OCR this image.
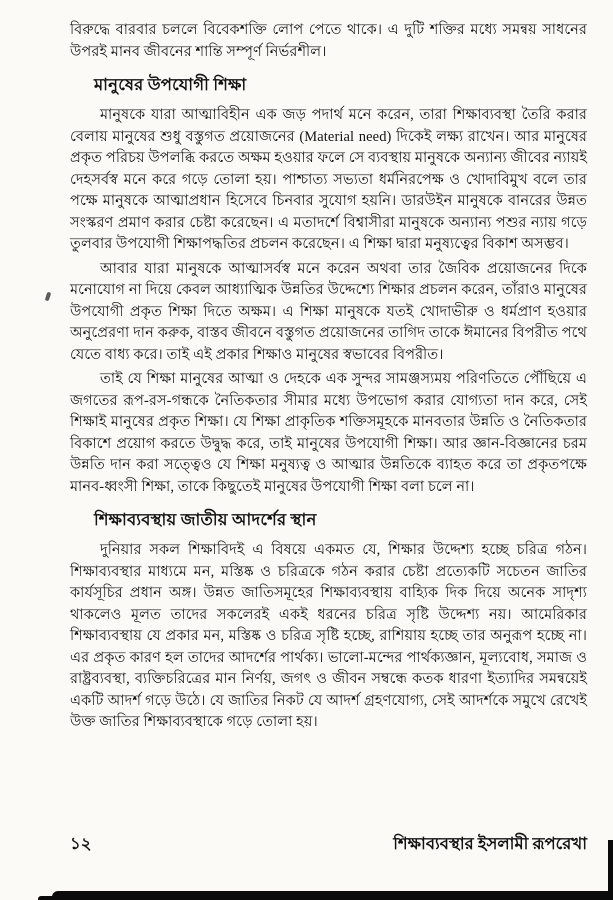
বিরুদ্ধে বারবার চললে বিবেকশক্তি লোপ পেতে থাকে। এ দুটি শক্তির মধ্যে সমন্বয় সাধনের উপরই মানব জীবনের শান্তি সম্পূর্ণ নির্ভরশীল।

মানুষের উপযোগী শিক্ষা

মানুষকে যারা আত্মাবিহীন এক জড় পদার্থ মনে করেন, তারা শিক্ষাব্যবস্থা তৈরি করার বেলায় মানুষের শুধু বস্তুগত প্রয়োজনের (Material need) দিকেই লক্ষ্য রাখেন। আর মানুষের প্রকৃত পরিচয় উপলব্ধি করতে অক্ষম হওয়ার ফলে সে ব্যবস্থায় মানুষকে অন্যান্য জীবের ন্যায়ই দেহসর্বস্ব মনে করে গড়ে তোলা হয়। পাশ্চাত্য সভ্যতা ধর্মনিরপেক্ষ ও খোদাবিমুখ বলে তার পক্ষে মানুষকে আত্মাপ্রধান হিসেবে চিনবার সুযোগ হয়নি। ডারউইন মানুষকে বানরের উন্নত সংস্করণ প্রমাণ করার চেষ্টা করেছেন। এ মতাদর্শে বিশ্বাসীরা মানুষকে অন্যান্য পশুর ন্যায় গড়ে তুলবার উপযোগী শিক্ষাপদ্ধতির প্রচলন করেছেন। এ শিক্ষা দ্বারা মনুষ্যত্বের বিকাশ অসম্ভব।

আবার যারা মানুষকে আত্মাসর্বস্ব মনে করেন অথবা তার জৈবিক প্রয়োজনের দিকে মনোযোগ না দিয়ে কেবল আধ্যাত্মিক উন্নতির উদ্দেশ্যে শিক্ষার প্রচলন করেন, তাঁরাও মানুষের উপযোগী প্রকৃত শিক্ষা দিতে অক্ষম। এ শিক্ষা মানুষকে যতই খোদাভীরু ও ধর্মপ্রাণ হওয়ার অনুপ্রেরণা দান করুক, বাস্তব জীবনে বস্তুগত প্রয়োজনের তাগিদ তাকে ঈমানের বিপরীত পথে যেতে বাধ্য করে। তাই এই প্রকার শিক্ষাও মানুষের স্বভাবের বিপরীত।

তাই যে শিক্ষা মানুষের আত্মা ও দেহকে এক সুন্দর সামঞ্জস্যময় পরিণতিতে পৌঁছিয়ে এ জগতের রূপ-রস-গন্ধকে নৈতিকতার সীমার মধ্যে উপভোগ করার যোগ্যতা দান করে, সেই শিক্ষাই মানুষের প্রকৃত শিক্ষা। যে শিক্ষা প্রাকৃতিক শক্তিসমূহকে মানবতার উন্নতি ও নৈতিকতার বিকাশে প্রয়োগ করতে উদ্বুদ্ধ করে, তাই মানুষের উপযোগী শিক্ষা। আর জ্ঞান-বিজ্ঞানের চরম উন্নতি দান করা সত্ত্বেও যে শিক্ষা মনুষ্যত্ব ও আত্মার উন্নতিকে ব্যাহত করে তা প্রকৃতপক্ষে মানব-ধ্বংসী শিক্ষা, তাকে কিছুতেই মানুষের উপযোগী শিক্ষা বলা চলে না।

শিক্ষাব্যবস্থায় জাতীয় আদর্শের স্থান

দুনিয়ার সকল শিক্ষাবিদই এ বিষয়ে একমত যে, শিক্ষার উদ্দেশ্য হচ্ছে চরিত্র গঠন। শিক্ষাব্যবস্থার মাধ্যমে মন, মস্তিষ্ক ও চরিত্রকে গঠন করার চেষ্টা প্রত্যেকটি সচেতন জাতির কার্যসূচির প্রধান অঙ্গ। উন্নত জাতিসমূহের শিক্ষাব্যবস্থায় বাহ্যিক দিক দিয়ে অনেক সাদৃশ্য থাকলেও মূলত তাদের সকলেরই একই ধরনের চরিত্র সৃষ্টি উদ্দেশ্য নয়। আমেরিকার শিক্ষাব্যবস্থায় যে প্রকার মন, মস্তিষ্ক ও চরিত্র সৃষ্টি হচ্ছে, রাশিয়ায় হচ্ছে তার অনুরূপ হচ্ছে না। এর প্রকৃত কারণ হল তাদের আদর্শের পার্থক্য। ভালো-মন্দের পার্থক্যজ্ঞান, মূল্যবোধ, সমাজ ও রাষ্ট্রব্যবস্থা, ব্যক্তিচরিত্রের মান নির্ণয়, জগৎ ও জীবন সম্বন্ধে কতক ধারণা ইত্যাদির সমন্বয়েই একটি আদর্শ গড়ে উঠে। যে জাতির নিকট যে আদর্শ গ্রহণযোগ্য, সেই আদর্শকে সমুখে রেখেই উক্ত জাতির শিক্ষাব্যবস্থাকে গড়ে তোলা হয়।

১২	শিক্ষাব্যবস্থার ইসলামী রূপরেখা
